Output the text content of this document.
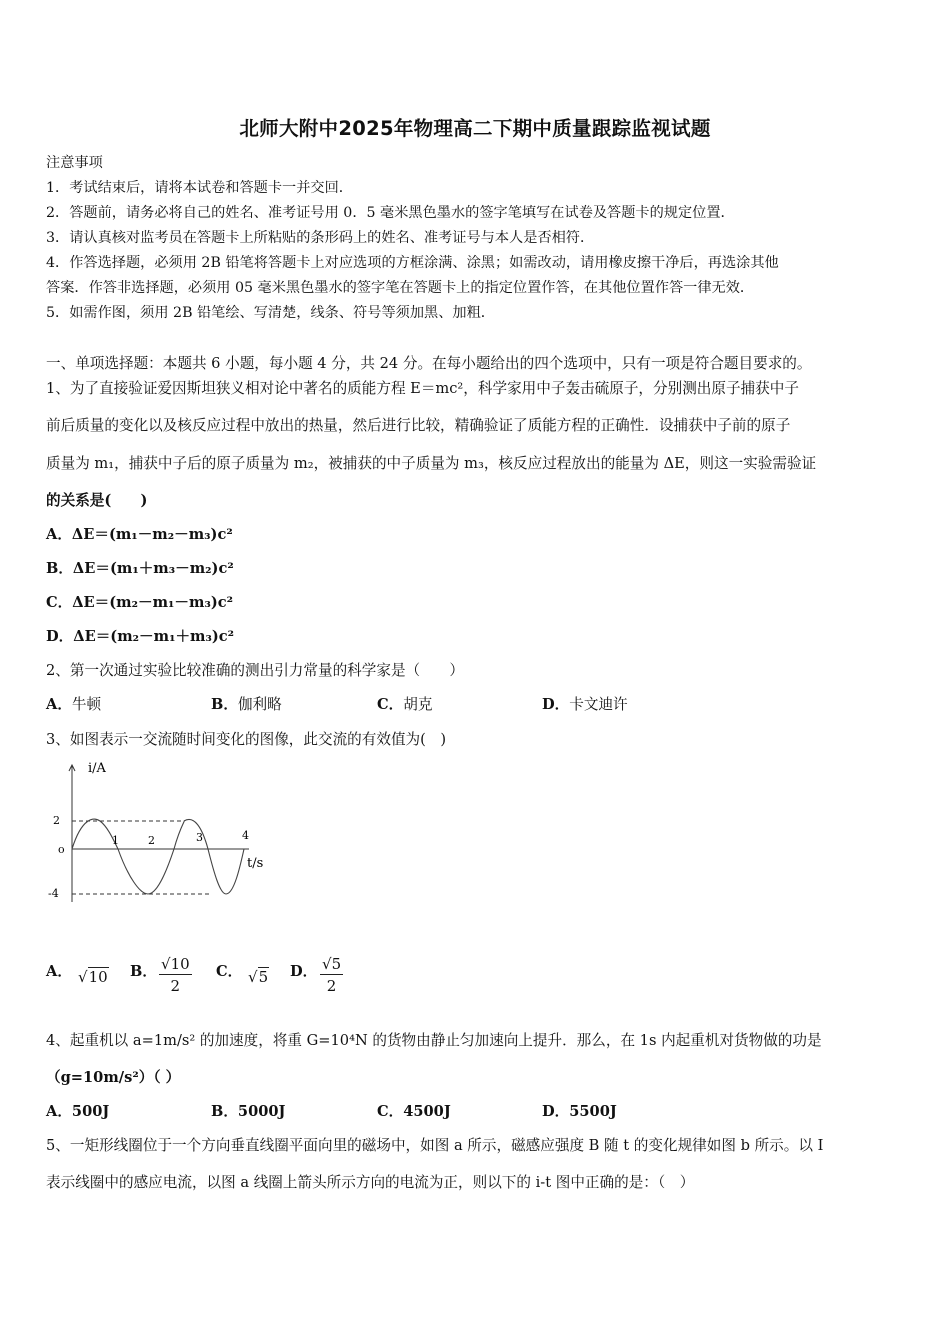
北师大附中2025年物理高二下期中质量跟踪监视试题
注意事项
1．考试结束后，请将本试卷和答题卡一并交回．
2．答题前，请务必将自己的姓名、准考证号用 0．5 毫米黑色墨水的签字笔填写在试卷及答题卡的规定位置．
3．请认真核对监考员在答题卡上所粘贴的条形码上的姓名、准考证号与本人是否相符．
4．作答选择题，必须用 2B 铅笔将答题卡上对应选项的方框涂满、涂黑；如需改动，请用橡皮擦干净后，再选涂其他
答案．作答非选择题，必须用 05 毫米黑色墨水的签字笔在答题卡上的指定位置作答，在其他位置作答一律无效．
5．如需作图，须用 2B 铅笔绘、写清楚，线条、符号等须加黑、加粗．
一、单项选择题：本题共 6 小题，每小题 4 分，共 24 分。在每小题给出的四个选项中，只有一项是符合题目要求的。
1、为了直接验证爱因斯坦狭义相对论中著名的质能方程 E＝mc²，科学家用中子轰击硫原子，分别测出原子捕获中子
前后质量的变化以及核反应过程中放出的热量，然后进行比较，精确验证了质能方程的正确性．设捕获中子前的原子
质量为 m₁，捕获中子后的原子质量为 m₂，被捕获的中子质量为 m₃，核反应过程放出的能量为 ΔE，则这一实验需验证
的关系是(　　)
A．ΔE＝(m₁－m₂－m₃)c²
B．ΔE＝(m₁＋m₃－m₂)c²
C．ΔE＝(m₂－m₁－m₃)c²
D．ΔE＝(m₂－m₁＋m₃)c²
2、第一次通过实验比较准确的测出引力常量的科学家是（　　）
A．牛顿	B．伽利略	C．胡克	D．卡文迪许
3、如图表示一交流随时间变化的图像，此交流的有效值为(　)
i/A
t/s
2
o
-4
1	2	3	4
A． √10 B． $\frac{√10}{2}$ C． √5 D． $\frac{√5}{2}$
4、起重机以 a=1m/s² 的加速度，将重 G=10⁴N 的货物由静止匀加速向上提升．那么，在 1s 内起重机对货物做的功是
（g=10m/s²）（ ）
A．500J	B．5000J	C．4500J	D．5500J
5、一矩形线圈位于一个方向垂直线圈平面向里的磁场中，如图 a 所示，磁感应强度 B 随 t 的变化规律如图 b 所示。以 I
表示线圈中的感应电流，以图 a 线圈上箭头所示方向的电流为正，则以下的 i-t 图中正确的是：（　）
